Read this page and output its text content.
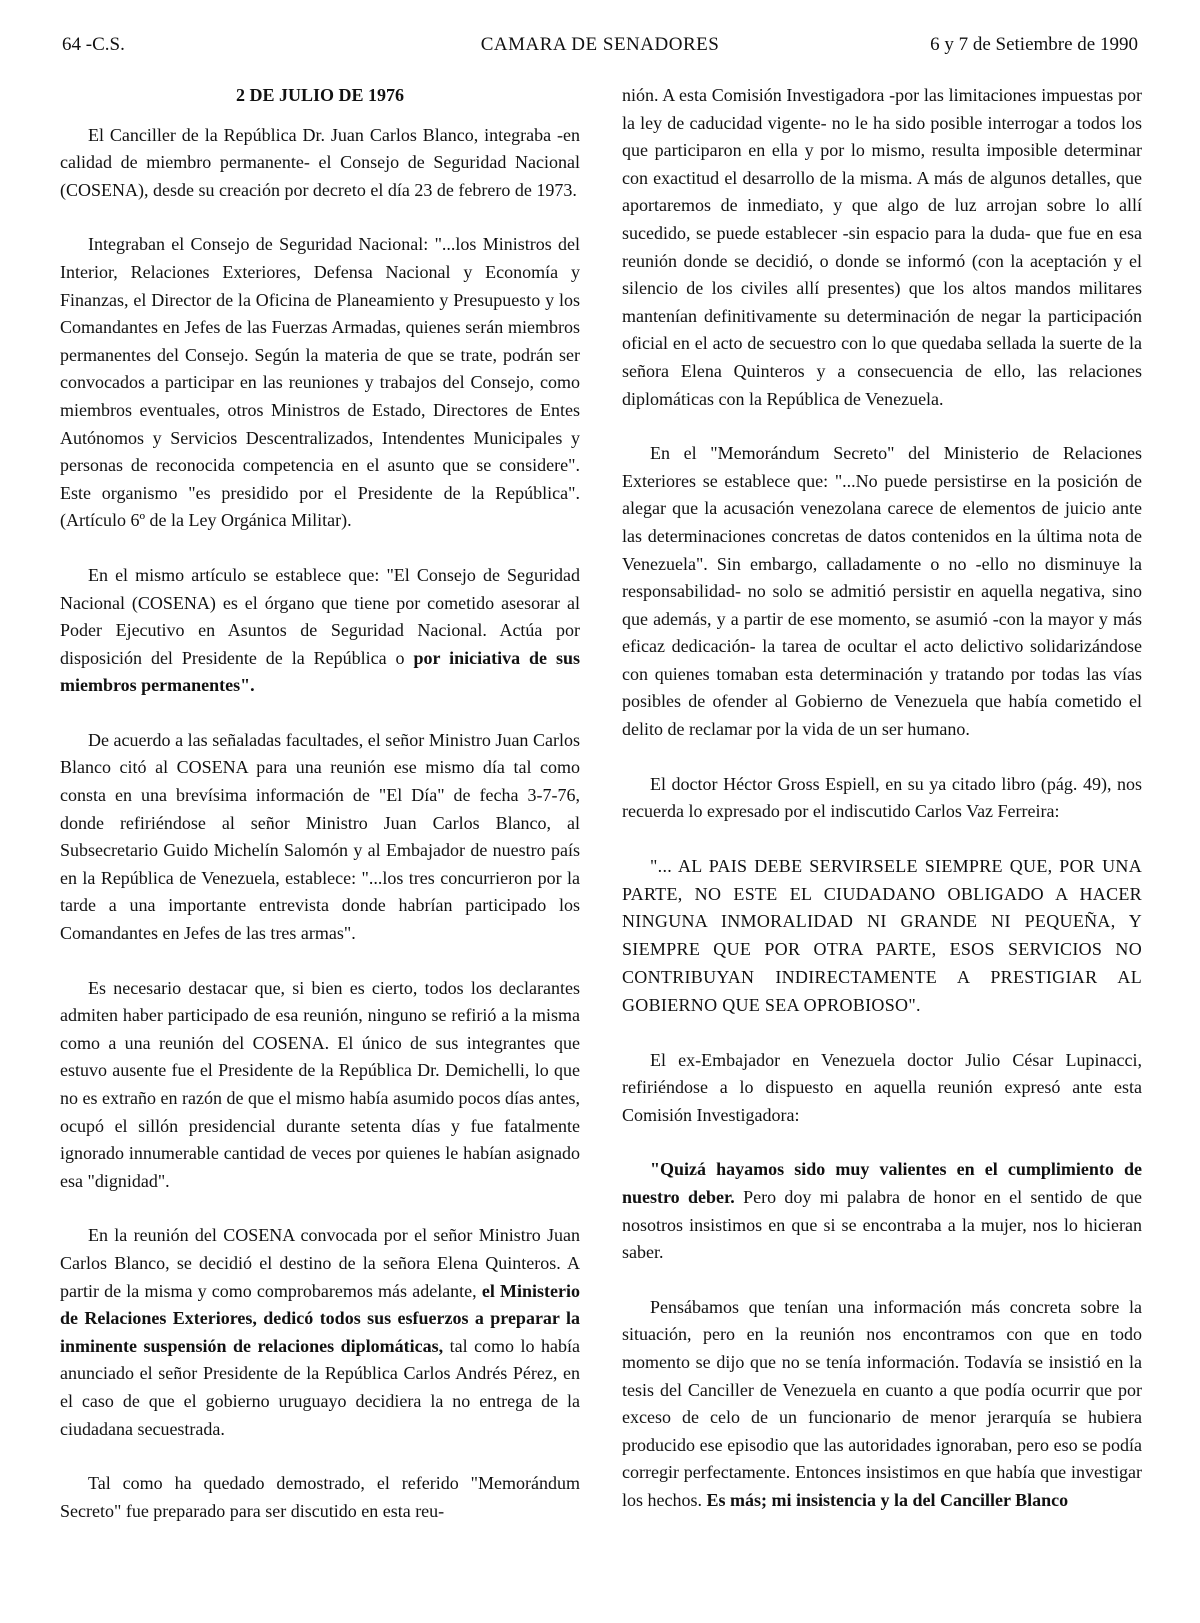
64 -C.S.	CAMARA DE SENADORES	6 y 7 de Setiembre de 1990
2 DE JULIO DE 1976

El Canciller de la República Dr. Juan Carlos Blanco, integraba -en calidad de miembro permanente- el Consejo de Seguridad Nacional (COSENA), desde su creación por decreto el día 23 de febrero de 1973.

Integraban el Consejo de Seguridad Nacional: "...los Ministros del Interior, Relaciones Exteriores, Defensa Nacional y Economía y Finanzas, el Director de la Oficina de Planeamiento y Presupuesto y los Comandantes en Jefes de las Fuerzas Armadas, quienes serán miembros permanentes del Consejo. Según la materia de que se trate, podrán ser convocados a participar en las reuniones y trabajos del Consejo, como miembros eventuales, otros Ministros de Estado, Directores de Entes Autónomos y Servicios Descentralizados, Intendentes Municipales y personas de reconocida competencia en el asunto que se considere". Este organismo "es presidido por el Presidente de la República". (Artículo 6º de la Ley Orgánica Militar).

En el mismo artículo se establece que: "El Consejo de Seguridad Nacional (COSENA) es el órgano que tiene por cometido asesorar al Poder Ejecutivo en Asuntos de Seguridad Nacional. Actúa por disposición del Presidente de la República o por iniciativa de sus miembros permanentes".

De acuerdo a las señaladas facultades, el señor Ministro Juan Carlos Blanco citó al COSENA para una reunión ese mismo día tal como consta en una brevísima información de "El Día" de fecha 3-7-76, donde refiriéndose al señor Ministro Juan Carlos Blanco, al Subsecretario Guido Michelín Salomón y al Embajador de nuestro país en la República de Venezuela, establece: "...los tres concurrieron por la tarde a una importante entrevista donde habrían participado los Comandantes en Jefes de las tres armas".

Es necesario destacar que, si bien es cierto, todos los declarantes admiten haber participado de esa reunión, ninguno se refirió a la misma como a una reunión del COSENA. El único de sus integrantes que estuvo ausente fue el Presidente de la República Dr. Demichelli, lo que no es extraño en razón de que el mismo había asumido pocos días antes, ocupó el sillón presidencial durante setenta días y fue fatalmente ignorado innumerable cantidad de veces por quienes le habían asignado esa "dignidad".

En la reunión del COSENA convocada por el señor Ministro Juan Carlos Blanco, se decidió el destino de la señora Elena Quinteros. A partir de la misma y como comprobaremos más adelante, el Ministerio de Relaciones Exteriores, dedicó todos sus esfuerzos a preparar la inminente suspensión de relaciones diplomáticas, tal como lo había anunciado el señor Presidente de la República Carlos Andrés Pérez, en el caso de que el gobierno uruguayo decidiera la no entrega de la ciudadana secuestrada.

Tal como ha quedado demostrado, el referido "Memorándum Secreto" fue preparado para ser discutido en esta reu-

nión. A esta Comisión Investigadora -por las limitaciones impuestas por la ley de caducidad vigente- no le ha sido posible interrogar a todos los que participaron en ella y por lo mismo, resulta imposible determinar con exactitud el desarrollo de la misma. A más de algunos detalles, que aportaremos de inmediato, y que algo de luz arrojan sobre lo allí sucedido, se puede establecer -sin espacio para la duda- que fue en esa reunión donde se decidió, o donde se informó (con la aceptación y el silencio de los civiles allí presentes) que los altos mandos militares mantenían definitivamente su determinación de negar la participación oficial en el acto de secuestro con lo que quedaba sellada la suerte de la señora Elena Quinteros y a consecuencia de ello, las relaciones diplomáticas con la República de Venezuela.

En el "Memorándum Secreto" del Ministerio de Relaciones Exteriores se establece que: "...No puede persistirse en la posición de alegar que la acusación venezolana carece de elementos de juicio ante las determinaciones concretas de datos contenidos en la última nota de Venezuela". Sin embargo, calladamente o no -ello no disminuye la responsabilidad- no solo se admitió persistir en aquella negativa, sino que además, y a partir de ese momento, se asumió -con la mayor y más eficaz dedicación- la tarea de ocultar el acto delictivo solidarizándose con quienes tomaban esta determinación y tratando por todas las vías posibles de ofender al Gobierno de Venezuela que había cometido el delito de reclamar por la vida de un ser humano.

El doctor Héctor Gross Espiell, en su ya citado libro (pág. 49), nos recuerda lo expresado por el indiscutido Carlos Vaz Ferreira:

"... AL PAIS DEBE SERVIRSELE SIEMPRE QUE, POR UNA PARTE, NO ESTE EL CIUDADANO OBLIGADO A HACER NINGUNA INMORALIDAD NI GRANDE NI PEQUEÑA, Y SIEMPRE QUE POR OTRA PARTE, ESOS SERVICIOS NO CONTRIBUYAN INDIRECTAMENTE A PRESTIGIAR AL GOBIERNO QUE SEA OPROBIOSO".

El ex-Embajador en Venezuela doctor Julio César Lupinacci, refiriéndose a lo dispuesto en aquella reunión expresó ante esta Comisión Investigadora:

"Quizá hayamos sido muy valientes en el cumplimiento de nuestro deber. Pero doy mi palabra de honor en el sentido de que nosotros insistimos en que si se encontraba a la mujer, nos lo hicieran saber.

Pensábamos que tenían una información más concreta sobre la situación, pero en la reunión nos encontramos con que en todo momento se dijo que no se tenía información. Todavía se insistió en la tesis del Canciller de Venezuela en cuanto a que podía ocurrir que por exceso de celo de un funcionario de menor jerarquía se hubiera producido ese episodio que las autoridades ignoraban, pero eso se podía corregir perfectamente. Entonces insistimos en que había que investigar los hechos. Es más; mi insistencia y la del Canciller Blanco
